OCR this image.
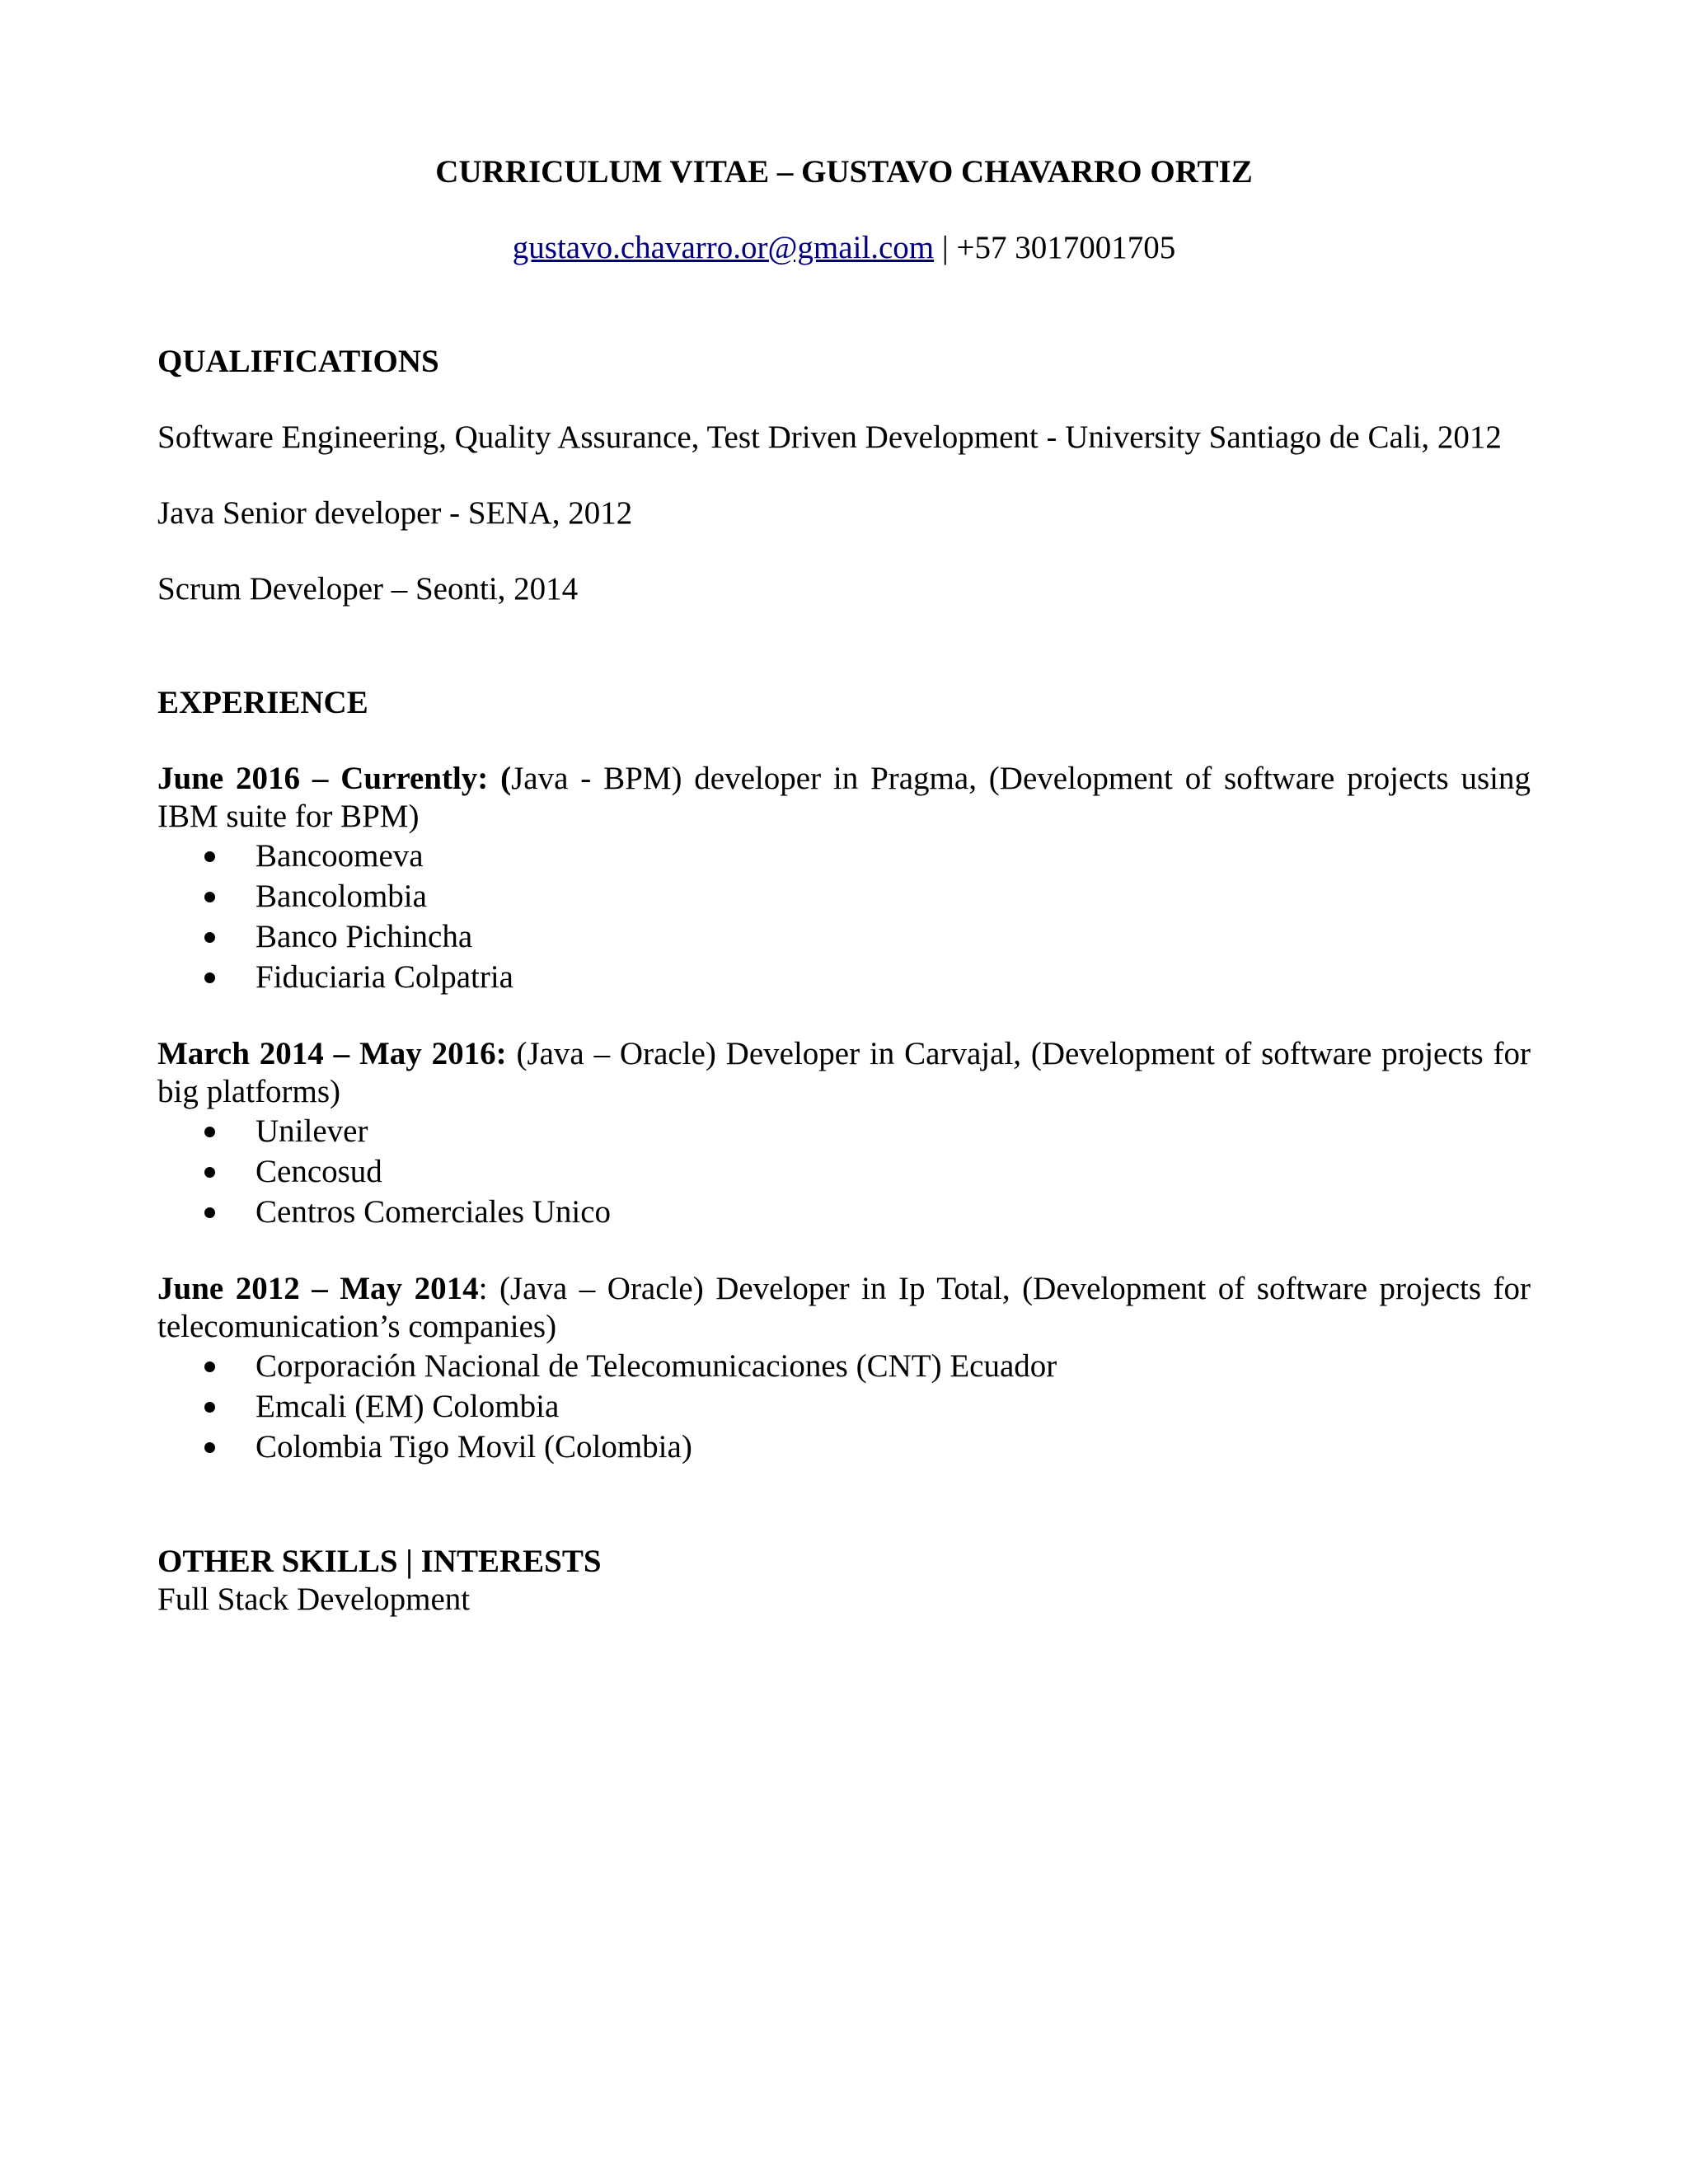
CURRICULUM VITAE – GUSTAVO CHAVARRO ORTIZ

gustavo.chavarro.or@gmail.com | +57 3017001705

QUALIFICATIONS

Software Engineering, Quality Assurance, Test Driven Development - University Santiago de Cali, 2012

Java Senior developer - SENA, 2012

Scrum Developer – Seonti, 2014

EXPERIENCE

June 2016 – Currently: (Java - BPM) developer in Pragma, (Development of software projects using IBM suite for BPM)

Bancoomeva
Bancolombia
Banco Pichincha
Fiduciaria Colpatria

March 2014 – May 2016: (Java – Oracle) Developer in Carvajal, (Development of software projects for big platforms)

Unilever
Cencosud
Centros Comerciales Unico

June 2012 – May 2014: (Java – Oracle) Developer in Ip Total, (Development of software projects for telecomunication’s companies)

Corporación Nacional de Telecomunicaciones (CNT) Ecuador
Emcali (EM) Colombia
Colombia Tigo Movil (Colombia)

OTHER SKILLS | INTERESTS

Full Stack Development
